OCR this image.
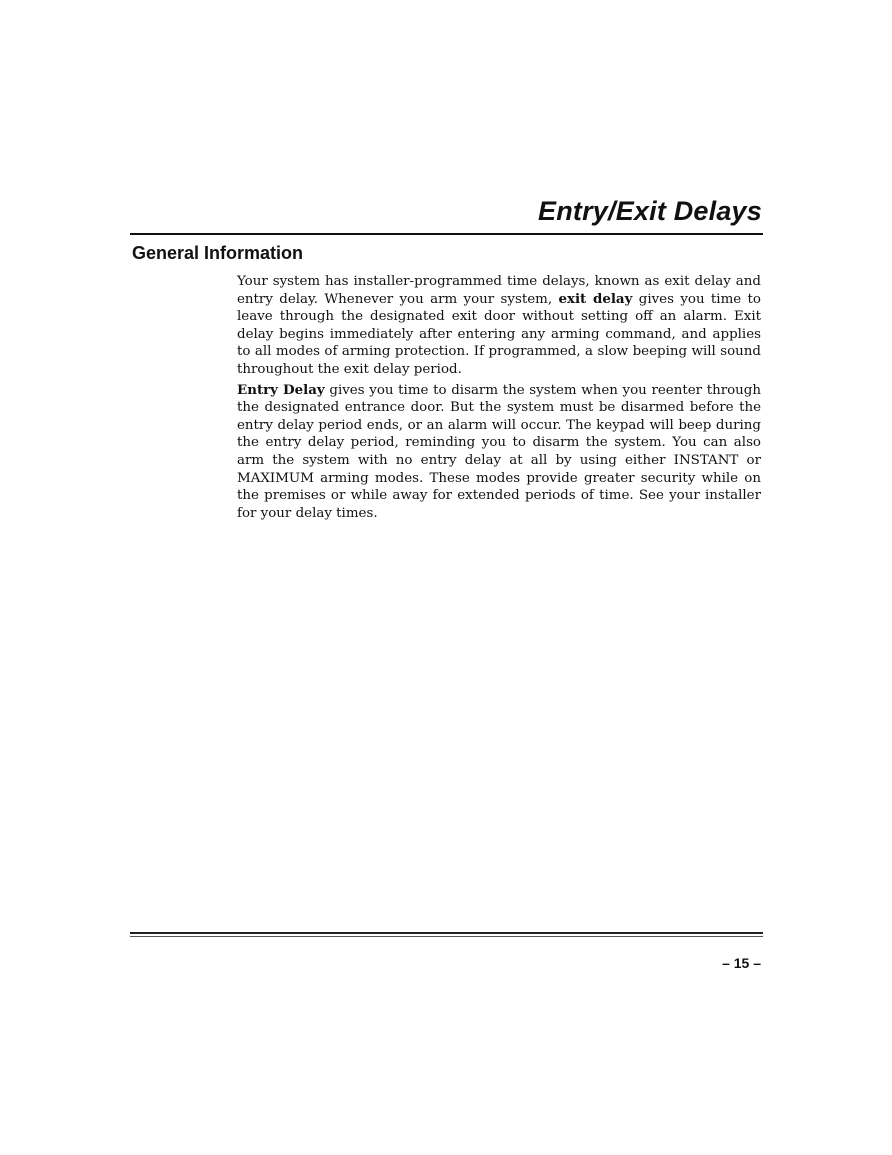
Entry/Exit Delays
General Information

Your system has installer-programmed time delays, known as exit delay and entry delay. Whenever you arm your system, exit delay gives you time to leave through the designated exit door without setting off an alarm. Exit delay begins immediately after entering any arming command, and applies to all modes of arming protection. If programmed, a slow beeping will sound throughout the exit delay period.

Entry Delay gives you time to disarm the system when you reenter through the designated entrance door. But the system must be disarmed before the entry delay period ends, or an alarm will occur. The keypad will beep during the entry delay period, reminding you to disarm the system. You can also arm the system with no entry delay at all by using either INSTANT or MAXIMUM arming modes. These modes provide greater security while on the premises or while away for extended periods of time. See your installer for your delay times.

– 15 –
